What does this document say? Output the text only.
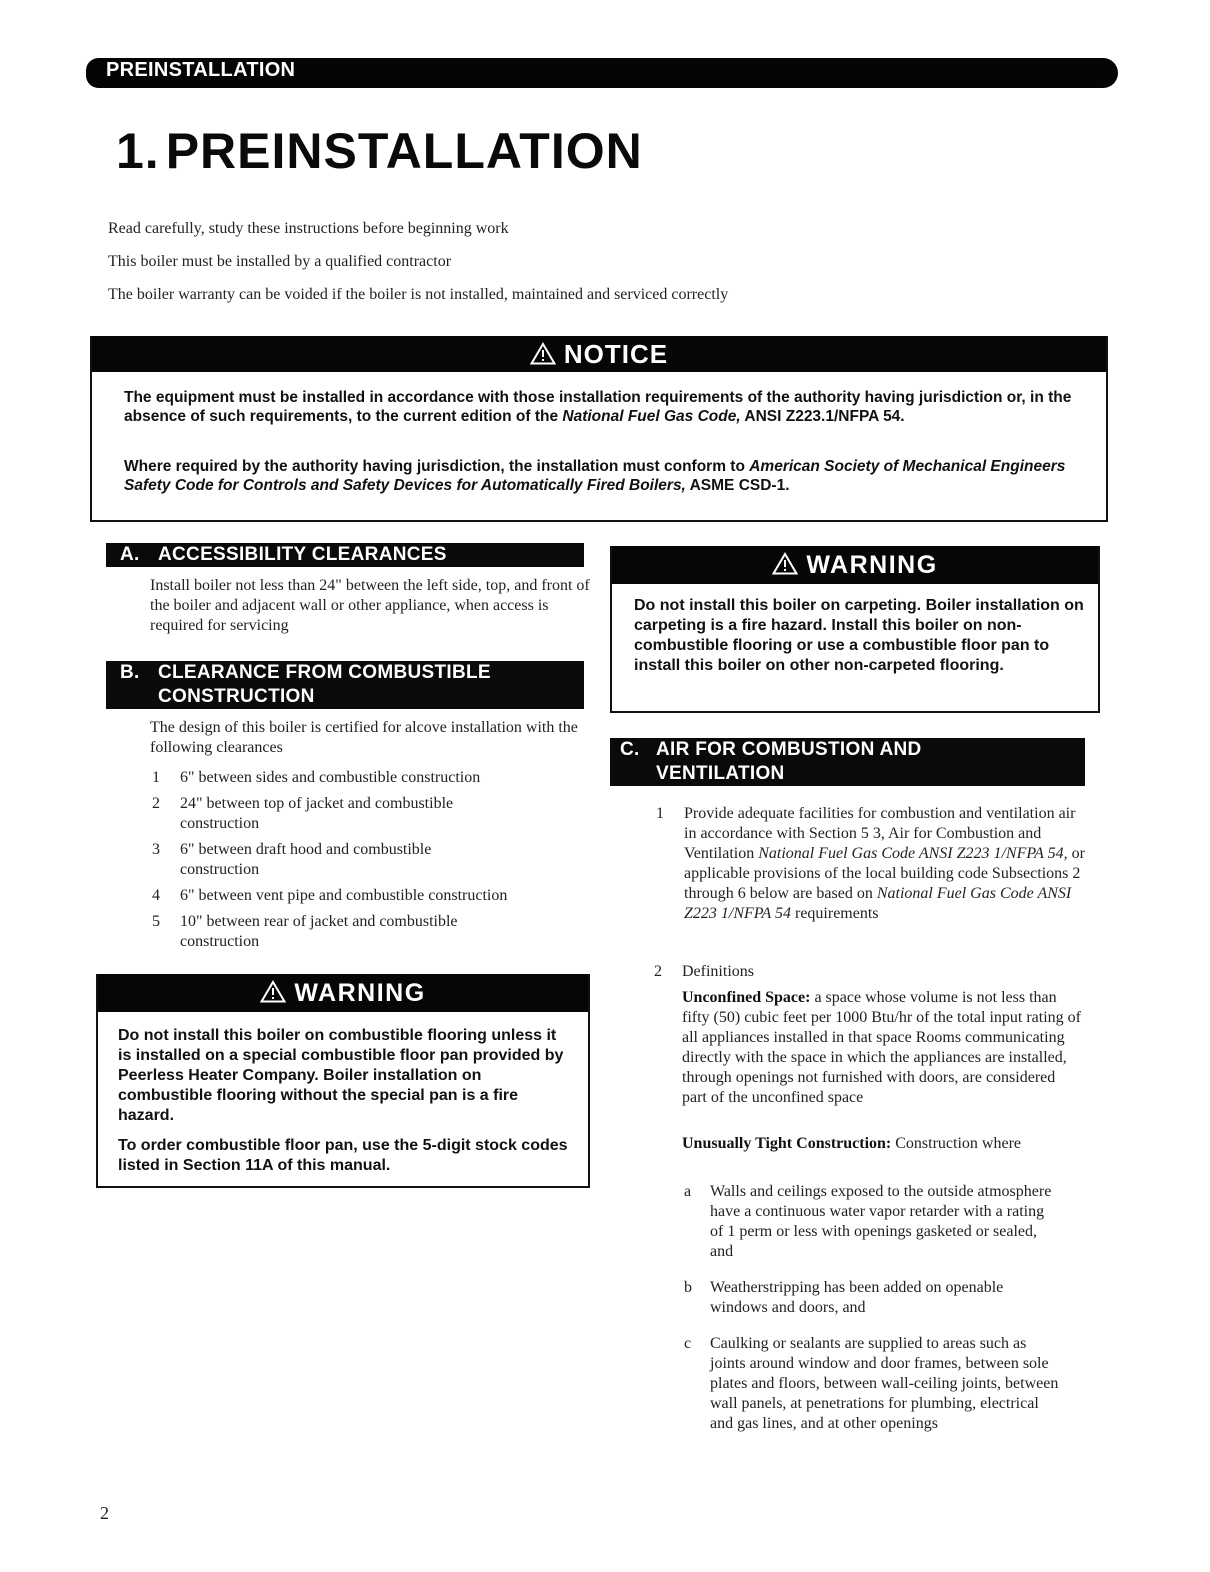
PREINSTALLATION
1. PREINSTALLATION
Read carefully, study these instructions before beginning work
This boiler must be installed by a qualified contractor
The boiler warranty can be voided if the boiler is not installed, maintained and serviced correctly
NOTICE

The equipment must be installed in accordance with those installation requirements of the authority having jurisdiction or, in the absence of such requirements, to the current edition of the National Fuel Gas Code, ANSI Z223.1/NFPA 54.

Where required by the authority having jurisdiction, the installation must conform to American Society of Mechanical Engineers Safety Code for Controls and Safety Devices for Automatically Fired Boilers, ASME CSD-1.

A. ACCESSIBILITY CLEARANCES

Install boiler not less than 24" between the left side, top, and front of the boiler and adjacent wall or other appliance, when access is required for servicing

B. CLEARANCE FROM COMBUSTIBLE
CONSTRUCTION

The design of this boiler is certified for alcove installation with the following clearances

1 6" between sides and combustible construction
2 24" between top of jacket and combustible
construction
3 6" between draft hood and combustible
construction
4 6" between vent pipe and combustible construction
5 10" between rear of jacket and combustible
construction
WARNING

Do not install this boiler on combustible flooring unless it is installed on a special combustible floor pan provided by Peerless Heater Company. Boiler installation on combustible flooring without the special pan is a fire hazard.

To order combustible floor pan, use the 5-digit stock codes listed in Section 11A of this manual.

WARNING

Do not install this boiler on carpeting. Boiler installation on carpeting is a fire hazard. Install this boiler on non-combustible flooring or use a combustible floor pan to install this boiler on other non-carpeted flooring.

C. AIR FOR COMBUSTION AND
VENTILATION
1 Provide adequate facilities for combustion and ventilation air in accordance with Section 5 3, Air for Combustion and Ventilation National Fuel Gas Code ANSI Z223 1/NFPA 54, or applicable provisions of the local building code Subsections 2 through 6 below are based on National Fuel Gas Code ANSI Z223 1/NFPA 54 requirements
2 Definitions

Unconfined Space: a space whose volume is not less than fifty (50) cubic feet per 1000 Btu/hr of the total input rating of all appliances installed in that space Rooms communicating directly with the space in which the appliances are installed, through openings not furnished with doors, are considered part of the unconfined space

Unusually Tight Construction: Construction where

a Walls and ceilings exposed to the outside atmosphere have a continuous water vapor retarder with a rating of 1 perm or less with openings gasketed or sealed, and
b Weatherstripping has been added on openable windows and doors, and
c Caulking or sealants are supplied to areas such as joints around window and door frames, between sole plates and floors, between wall-ceiling joints, between wall panels, at penetrations for plumbing, electrical and gas lines, and at other openings
2
